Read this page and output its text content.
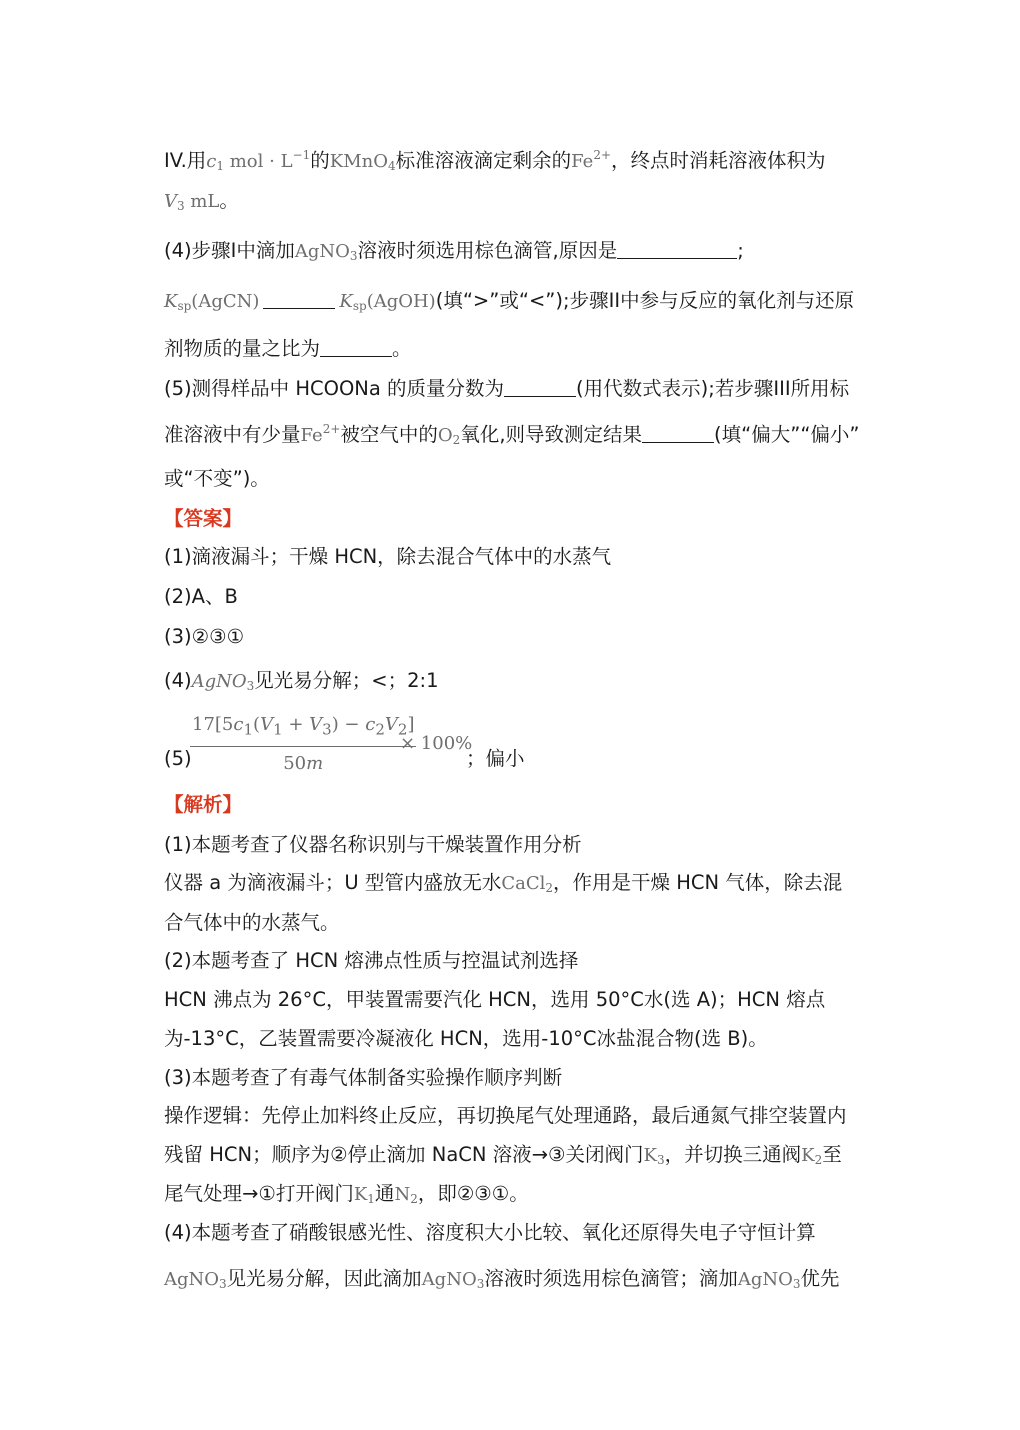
IV.用$c_1$ mol · $L^{-1}$的KMnO$_4$标准溶液滴定剩余的$Fe^{2+}$，终点时消耗溶液体积为
$V_3$ mL。
(4)步骤I中滴加AgNO$_3$溶液时须选用棕色滴管,原因是	;
$K_{sp}(AgCN)$	$K_{sp}(AgOH)$(填“>”或“<”);步骤II中参与反应的氧化剂与还原
剂物质的量之比为	。
(5)测得样品中 HCOONa 的质量分数为	(用代数式表示);若步骤III所用标
准溶液中有少量$Fe^{2+}$被空气中的$O_2$氧化,则导致测定结果	(填“偏大”“偏小”
或“不变”)。
【答案】
(1)滴液漏斗；干燥 HCN，除去混合气体中的水蒸气
(2)A、B
(3)②③①
(4)AgNO$_3$见光易分解；<；2:1
(5)
$\frac{17[5c_1(V_1 + V_3) - c_2V_2]}{50m}$
× 100%
；偏小
【解析】
(1)本题考查了仪器名称识别与干燥装置作用分析
仪器 a 为滴液漏斗；U 型管内盛放无水CaCl$_2$，作用是干燥 HCN 气体，除去混
合气体中的水蒸气。
(2)本题考查了 HCN 熔沸点性质与控温试剂选择
HCN 沸点为 26°C，甲装置需要汽化 HCN，选用 50°C水(选 A)；HCN 熔点
为-13°C，乙装置需要冷凝液化 HCN，选用-10°C冰盐混合物(选 B)。
(3)本题考查了有毒气体制备实验操作顺序判断
操作逻辑：先停止加料终止反应，再切换尾气处理通路，最后通氮气排空装置内
残留 HCN；顺序为②停止滴加 NaCN 溶液→③关闭阀门$K_3$，并切换三通阀$K_2$至
尾气处理→①打开阀门$K_1$通$N_2$，即②③①。
(4)本题考查了硝酸银感光性、溶度积大小比较、氧化还原得失电子守恒计算
AgNO$_3$见光易分解，因此滴加AgNO$_3$溶液时须选用棕色滴管；滴加AgNO$_3$优先
